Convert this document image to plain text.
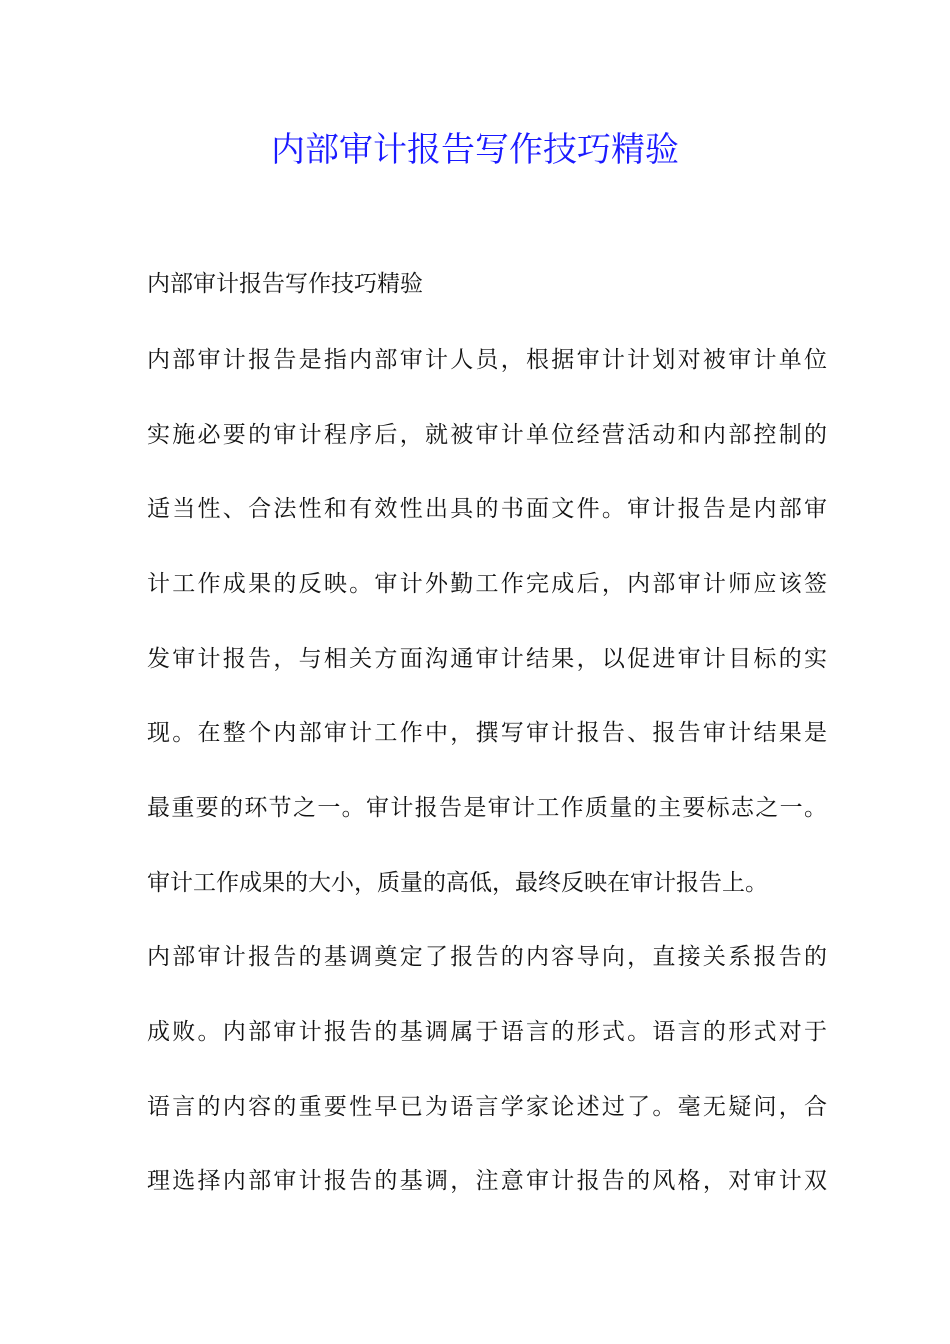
内部审计报告写作技巧精验
内部审计报告写作技巧精验
内部审计报告是指内部审计人员，根据审计计划对被审计单位
实施必要的审计程序后，就被审计单位经营活动和内部控制的
适当性、合法性和有效性出具的书面文件。审计报告是内部审
计工作成果的反映。审计外勤工作完成后，内部审计师应该签
发审计报告，与相关方面沟通审计结果，以促进审计目标的实
现。在整个内部审计工作中，撰写审计报告、报告审计结果是
最重要的环节之一。审计报告是审计工作质量的主要标志之一。
审计工作成果的大小，质量的高低，最终反映在审计报告上。
内部审计报告的基调奠定了报告的内容导向，直接关系报告的
成败。内部审计报告的基调属于语言的形式。语言的形式对于
语言的内容的重要性早已为语言学家论述过了。毫无疑问，合
理选择内部审计报告的基调，注意审计报告的风格，对审计双
